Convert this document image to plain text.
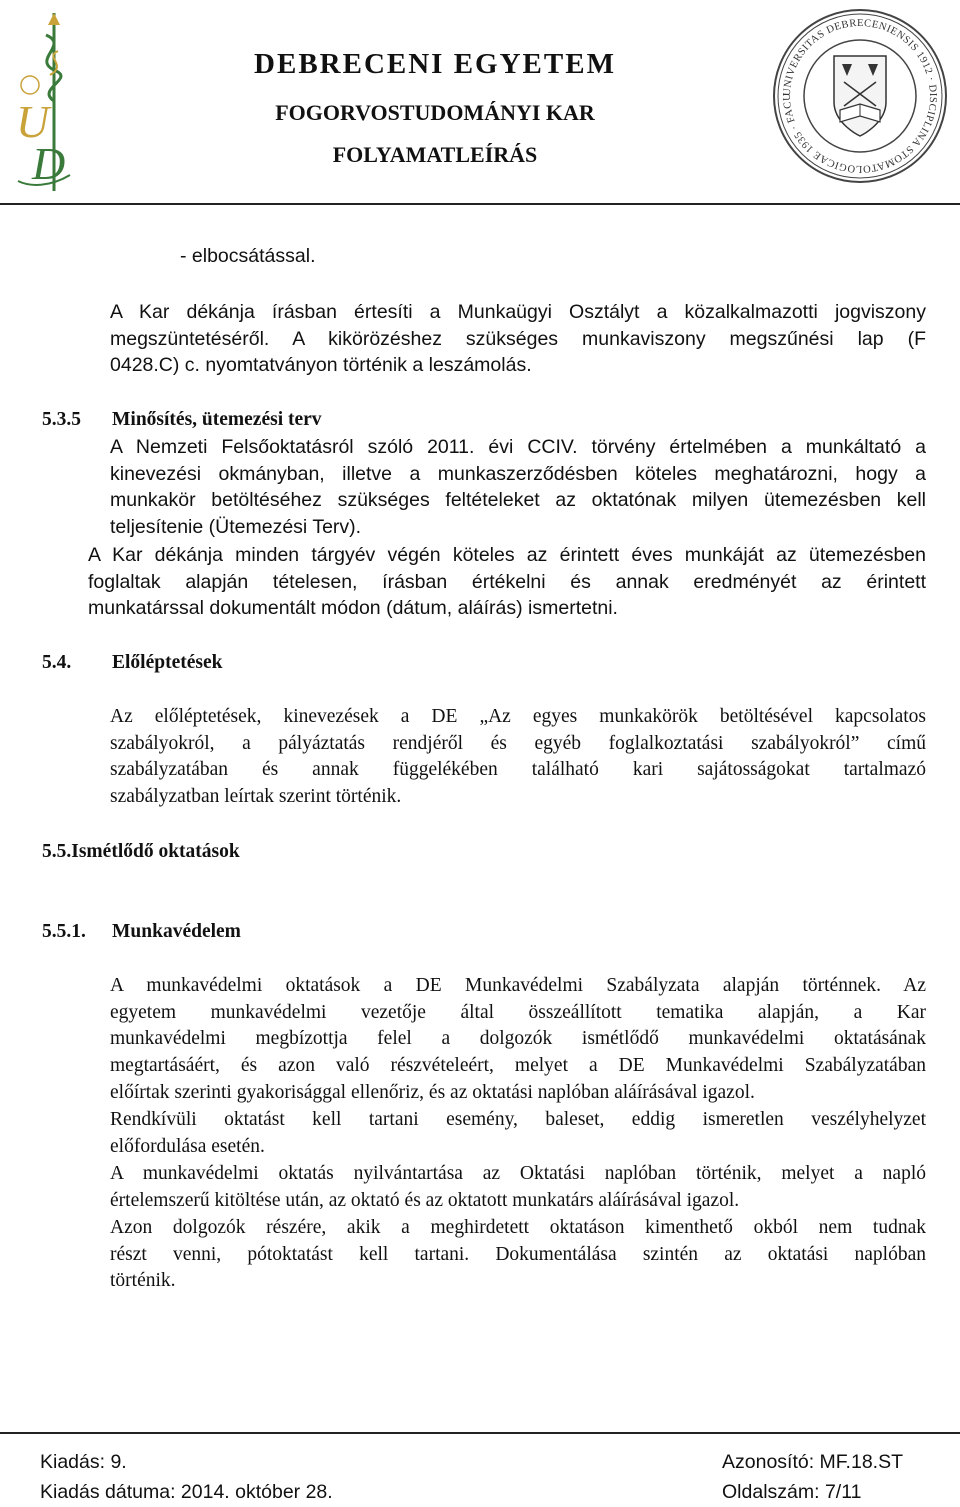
U
D
DEBRECENI EGYETEM
FOGORVOSTUDOMÁNYI KAR
FOLYAMATLEÍRÁS
UNIVERSITAS DEBRECENIENSIS 1912 · DISCIPLINA STOMATOLOGICAE 1935 · FACU
- elbocsátással.
A Kar dékánja írásban értesíti a Munkaügyi Osztályt a közalkalmazotti jogviszony
megszüntetéséről. A kikörözéshez szükséges munkaviszony megszűnési lap (F
0428.C) c. nyomtatványon történik a leszámolás.
5.3.5 Minősítés, ütemezési terv
A Nemzeti Felsőoktatásról szóló 2011. évi CCIV. törvény értelmében a munkáltató a
kinevezési okmányban, illetve a munkaszerződésben köteles meghatározni, hogy a
munkakör betöltéséhez szükséges feltételeket az oktatónak milyen ütemezésben kell
teljesítenie (Ütemezési Terv).
A Kar dékánja minden tárgyév végén köteles az érintett éves munkáját az ütemezésben
foglaltak alapján tételesen, írásban értékelni és annak eredményét az érintett
munkatárssal dokumentált módon (dátum, aláírás) ismertetni.
5.4. Előléptetések
Az előléptetések, kinevezések a DE „Az egyes munkakörök betöltésével kapcsolatos
szabályokról, a pályáztatás rendjéről és egyéb foglalkoztatási szabályokról” című
szabályzatában és annak függelékében található kari sajátosságokat tartalmazó
szabályzatban leírtak szerint történik.
5.5.Ismétlődő oktatások
5.5.1. Munkavédelem
A munkavédelmi oktatások a DE Munkavédelmi Szabályzata alapján történnek. Az
egyetem munkavédelmi vezetője által összeállított tematika alapján, a Kar
munkavédelmi megbízottja felel a dolgozók ismétlődő munkavédelmi oktatásának
megtartásáért, és azon való részvételeért, melyet a DE Munkavédelmi Szabályzatában
előírtak szerinti gyakorisággal ellenőriz, és az oktatási naplóban aláírásával igazol.
Rendkívüli oktatást kell tartani esemény, baleset, eddig ismeretlen veszélyhelyzet
előfordulása esetén.
A munkavédelmi oktatás nyilvántartása az Oktatási naplóban történik, melyet a napló
értelemszerű kitöltése után, az oktató és az oktatott munkatárs aláírásával igazol.
Azon dolgozók részére, akik a meghirdetett oktatáson kimenthető okból nem tudnak
részt venni, pótoktatást kell tartani. Dokumentálása szintén az oktatási naplóban
történik.
Kiadás: 9.
Kiadás dátuma: 2014. október 28.
Azonosító: MF.18.ST
Oldalszám: 7/11
